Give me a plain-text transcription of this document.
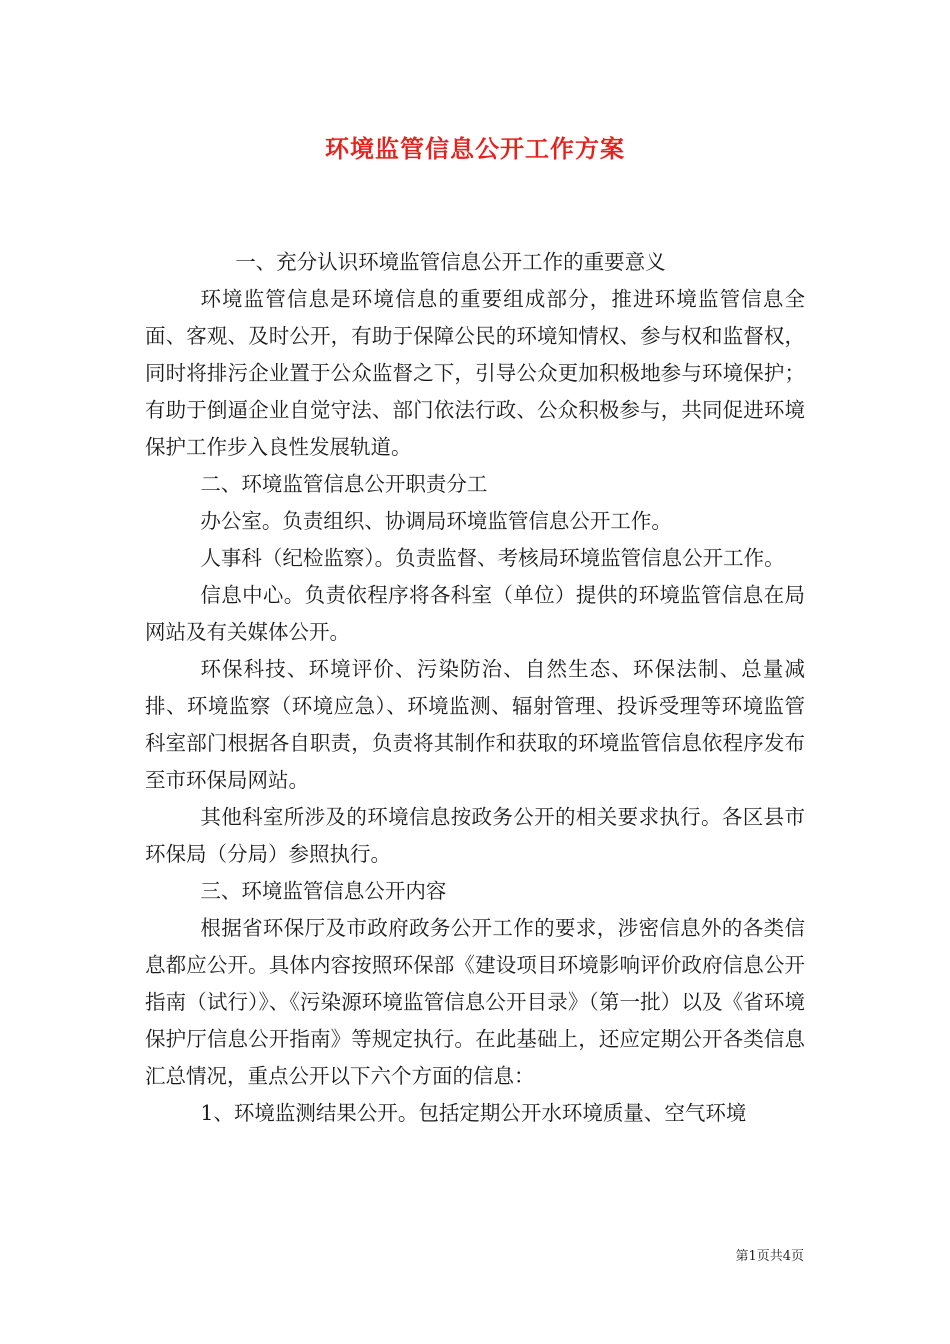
环境监管信息公开工作方案

一、充分认识环境监管信息公开工作的重要意义

环境监管信息是环境信息的重要组成部分，推进环境监管信息全面、客观、及时公开，有助于保障公民的环境知情权、参与权和监督权，同时将排污企业置于公众监督之下，引导公众更加积极地参与环境保护；有助于倒逼企业自觉守法、部门依法行政、公众积极参与，共同促进环境保护工作步入良性发展轨道。

二、环境监管信息公开职责分工

办公室。负责组织、协调局环境监管信息公开工作。

人事科（纪检监察）。负责监督、考核局环境监管信息公开工作。

信息中心。负责依程序将各科室（单位）提供的环境监管信息在局网站及有关媒体公开。

环保科技、环境评价、污染防治、自然生态、环保法制、总量减排、环境监察（环境应急）、环境监测、辐射管理、投诉受理等环境监管科室部门根据各自职责，负责将其制作和获取的环境监管信息依程序发布至市环保局网站。

其他科室所涉及的环境信息按政务公开的相关要求执行。各区县市环保局（分局）参照执行。

三、环境监管信息公开内容

根据省环保厅及市政府政务公开工作的要求，涉密信息外的各类信息都应公开。具体内容按照环保部《建设项目环境影响评价政府信息公开指南（试行）》、《污染源环境监管信息公开目录》（第一批）以及《省环境保护厅信息公开指南》等规定执行。在此基础上，还应定期公开各类信息汇总情况，重点公开以下六个方面的信息：

1、环境监测结果公开。包括定期公开水环境质量、空气环境

第1页共4页
